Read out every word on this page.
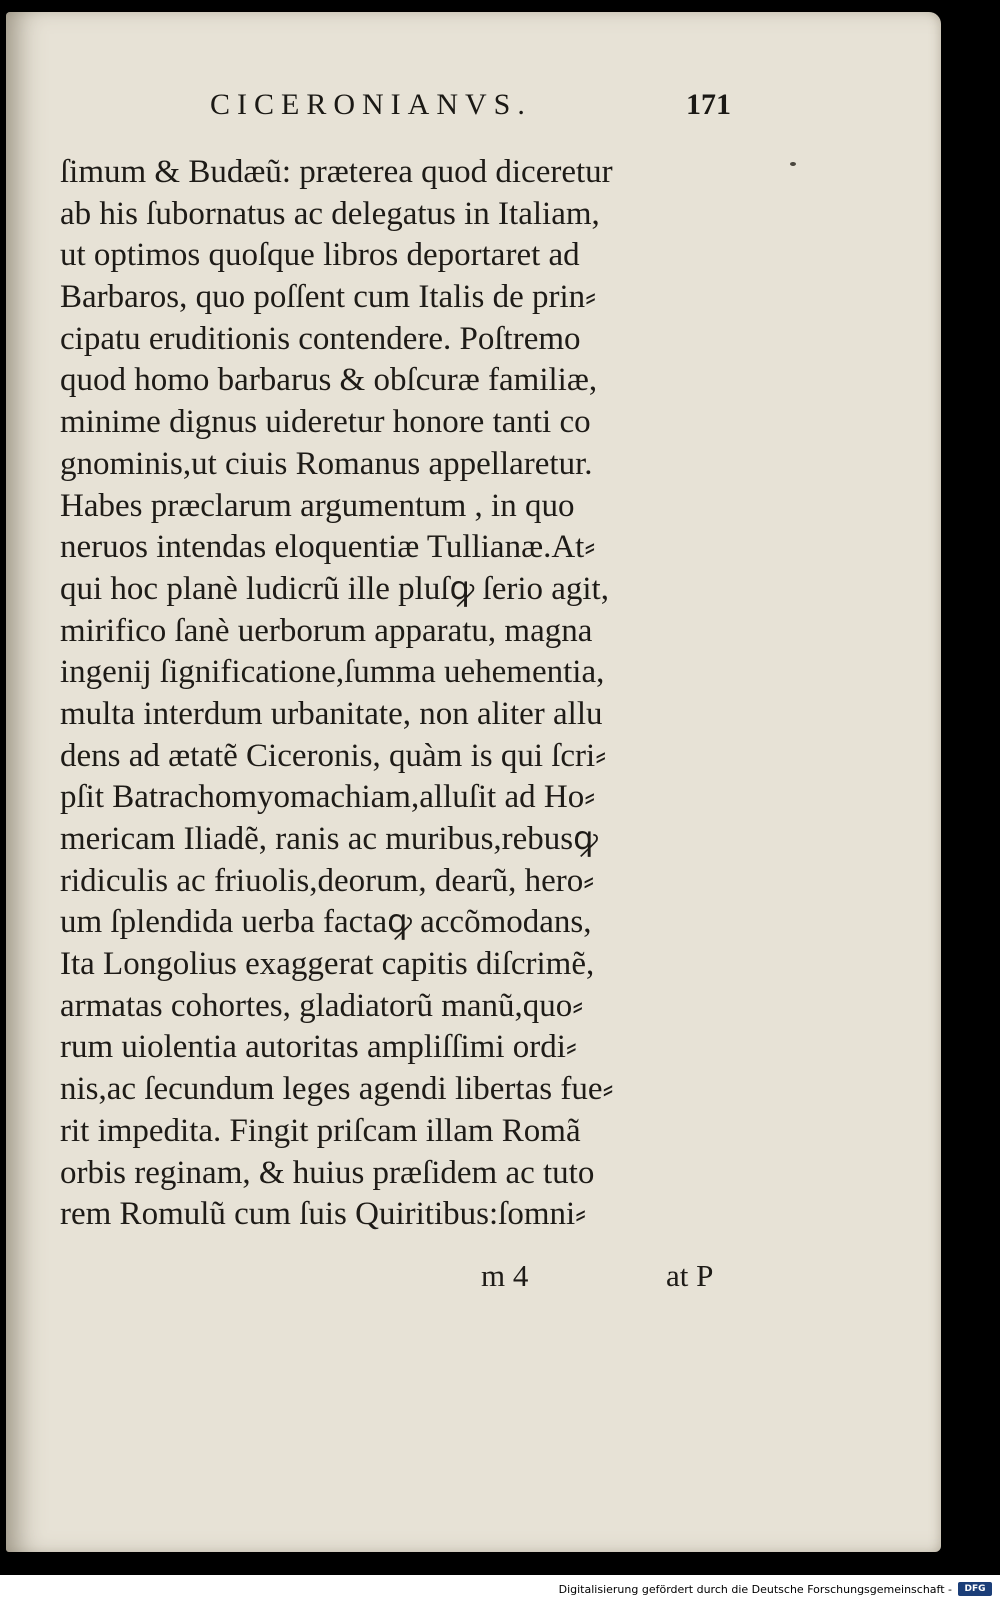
ſimum & Budæũ: præterea quod diceretur
ab his ſubornatus ac delegatus in Italiam,
ut optimos quoſque libros deportaret ad
Barbaros, quo poſſent cum Italis de prin⸗
cipatu eruditionis contendere. Poſtremo
quod homo barbarus & obſcuræ familiæ,
minime dignus uideretur honore tanti co
gnominis,ut ciuis Romanus appellaretur.
Habes præclarum argumentum , in quo
neruos intendas eloquentiæ Tullianæ.At⸗
qui hoc planè ludicrũ ille pluſꝙ ſerio agit,
mirifico ſanè uerborum apparatu, magna
ingenij ſignificatione,ſumma uehementia,
multa interdum urbanitate, non aliter allu
dens ad ætatẽ Ciceronis, quàm is qui ſcri⸗
pſit Batrachomyomachiam,alluſit ad Ho⸗
mericam Iliadẽ, ranis ac muribus,rebusꝙ
ridiculis ac friuolis,deorum, dearũ, hero⸗
um ſplendida uerba factaꝙ accõmodans,
Ita Longolius exaggerat capitis diſcrimẽ,
armatas cohortes, gladiatorũ manũ,quo⸗
rum uiolentia autoritas ampliſſimi ordi⸗
nis,ac ſecundum leges agendi libertas fue⸗
rit impedita. Fingit priſcam illam Romã
orbis reginam, & huius præſidem ac tuto
rem Romulũ cum ſuis Quiritibus:ſomni⸗
m 4	at P
CICERONIANVS.	171
Digitalisierung gefördert durch die Deutsche Forschungsgemeinschaft -	DFG
